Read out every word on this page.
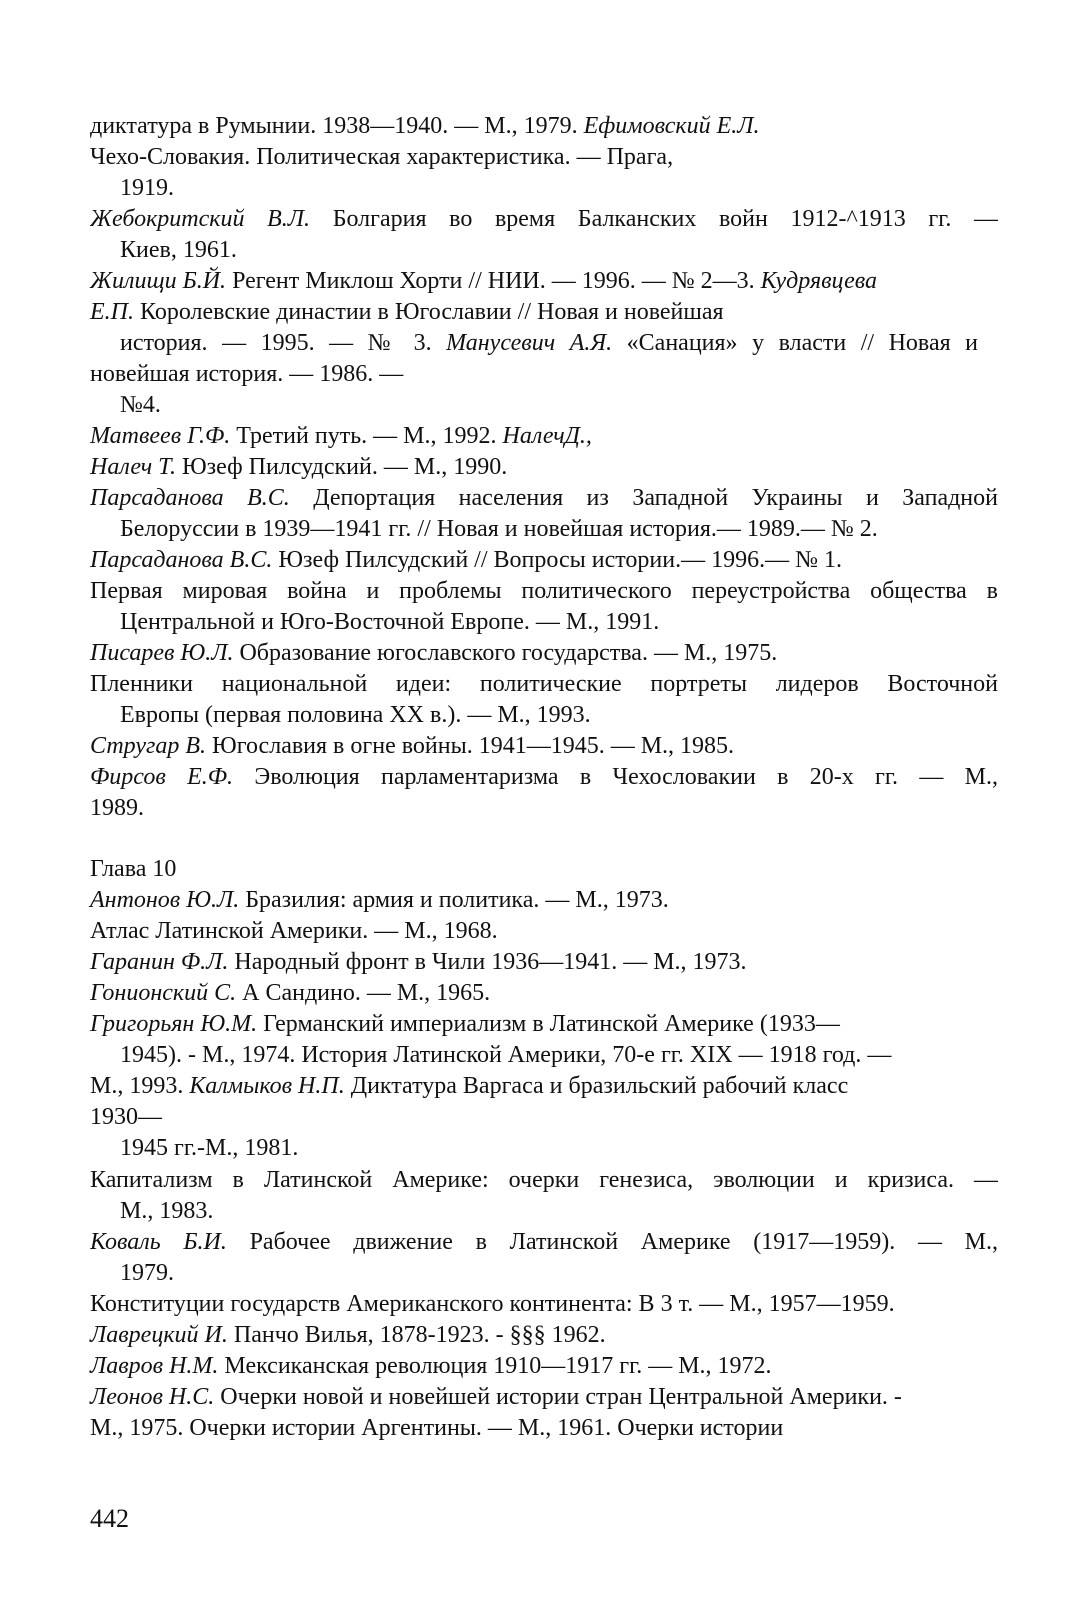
диктатура в Румынии. 1938—1940. — М., 1979. Ефимовский Е.Л.
Чехо-Словакия. Политическая характеристика. — Прага,
1919.
Жебокритский В.Л. Болгария во время Балканских войн 1912-^1913 гг. —
Киев, 1961.
Жилищи Б.Й. Регент Миклош Хорти // НИИ. — 1996. — № 2—3. Кудрявцева
Е.П. Королевские династии в Югославии // Новая и новейшая
история. — 1995. — № 3. Манусевич А.Я. «Санация» у власти // Новая и
новейшая история. — 1986. —
№4.
Матвеев Г.Ф. Третий путь. — М., 1992. НалечД.,
Налеч Т. Юзеф Пилсудский. — М., 1990.
Парсаданова В.С. Депортация населения из Западной Украины и Западной
Белоруссии в 1939—1941 гг. // Новая и новейшая история.— 1989.— № 2.
Парсаданова В.С. Юзеф Пилсудский // Вопросы истории.— 1996.— № 1.
Первая мировая война и проблемы политического переустройства общества в
Центральной и Юго-Восточной Европе. — М., 1991.
Писарев Ю.Л. Образование югославского государства. — М., 1975.
Пленники национальной идеи: политические портреты лидеров Восточной
Европы (первая половина XX в.). — М., 1993.
Стругар В. Югославия в огне войны. 1941—1945. — М., 1985.
Фирсов Е.Ф. Эволюция парламентаризма в Чехословакии в 20-х гг. — М.,
1989.
Глава 10
Антонов Ю.Л. Бразилия: армия и политика. — М., 1973.
Атлас Латинской Америки. — М., 1968.
Гаранин Ф.Л. Народный фронт в Чили 1936—1941. — М., 1973.
Гонионский С. А Сандино. — М., 1965.
Григорьян Ю.М. Германский империализм в Латинской Америке (1933—
1945). - М., 1974. История Латинской Америки, 70-е гг. XIX — 1918 год. —
М., 1993. Калмыков Н.П. Диктатура Варгаса и бразильский рабочий класс
1930—
1945 гг.-М., 1981.
Капитализм в Латинской Америке: очерки генезиса, эволюции и кризиса. —
М., 1983.
Коваль Б.И. Рабочее движение в Латинской Америке (1917—1959). — М.,
1979.
Конституции государств Американского континента: В 3 т. — М., 1957—1959.
Лаврецкий И. Панчо Вилья, 1878-1923. - §§§ 1962.
Лавров Н.М. Мексиканская революция 1910—1917 гг. — М., 1972.
Леонов Н.С. Очерки новой и новейшей истории стран Центральной Америки. -
М., 1975. Очерки истории Аргентины. — М., 1961. Очерки истории
442
